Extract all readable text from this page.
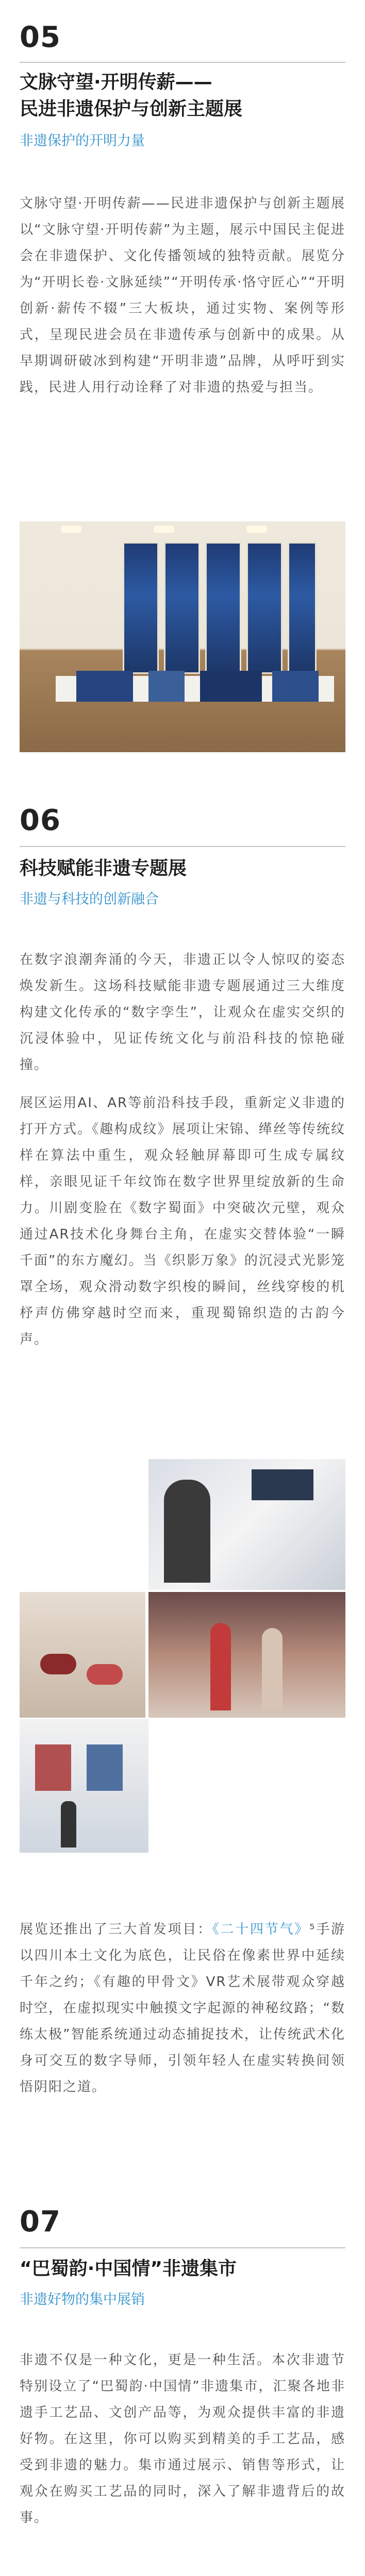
05
文脉守望·开明传薪——
民进非遗保护与创新主题展
非遗保护的开明力量
文脉守望·开明传薪——民进非遗保护与创新主题展以“文脉守望·开明传薪”为主题，展示中国民主促进会在非遗保护、文化传播领域的独特贡献。展览分为“开明长卷·文脉延续”“开明传承·恪守匠心”“开明创新·薪传不辍”三大板块，通过实物、案例等形式，呈现民进会员在非遗传承与创新中的成果。从早期调研破冰到构建“开明非遗”品牌，从呼吁到实践，民进人用行动诠释了对非遗的热爱与担当。
06
科技赋能非遗专题展
非遗与科技的创新融合
在数字浪潮奔涌的今天，非遗正以令人惊叹的姿态焕发新生。这场科技赋能非遗专题展通过三大维度构建文化传承的“数字孪生”，让观众在虚实交织的沉浸体验中，见证传统文化与前沿科技的惊艳碰撞。
展区运用AI、AR等前沿科技手段，重新定义非遗的打开方式。《趣构成纹》展项让宋锦、缂丝等传统纹样在算法中重生，观众轻触屏幕即可生成专属纹样，亲眼见证千年纹饰在数字世界里绽放新的生命力。川剧变脸在《数字蜀面》中突破次元壁，观众通过AR技术化身舞台主角，在虚实交替体验“一瞬千面”的东方魔幻。当《织影万象》的沉浸式光影笼罩全场，观众滑动数字织梭的瞬间，丝线穿梭的机杼声仿佛穿越时空而来，重现蜀锦织造的古韵今声。
展览还推出了三大首发项目：《二十四节气》⁵手游以四川本土文化为底色，让民俗在像素世界中延续千年之约；《有趣的甲骨文》VR艺术展带观众穿越时空，在虚拟现实中触摸文字起源的神秘纹路；“数练太极”智能系统通过动态捕捉技术，让传统武术化身可交互的数字导师，引领年轻人在虚实转换间领悟阴阳之道。
07
“巴蜀韵·中国情”非遗集市
非遗好物的集中展销
非遗不仅是一种文化，更是一种生活。本次非遗节特别设立了“巴蜀韵·中国情”非遗集市，汇聚各地非遗手工艺品、文创产品等，为观众提供丰富的非遗好物。在这里，你可以购买到精美的手工艺品，感受到非遗的魅力。集市通过展示、销售等形式，让观众在购买工艺品的同时，深入了解非遗背后的故事。
